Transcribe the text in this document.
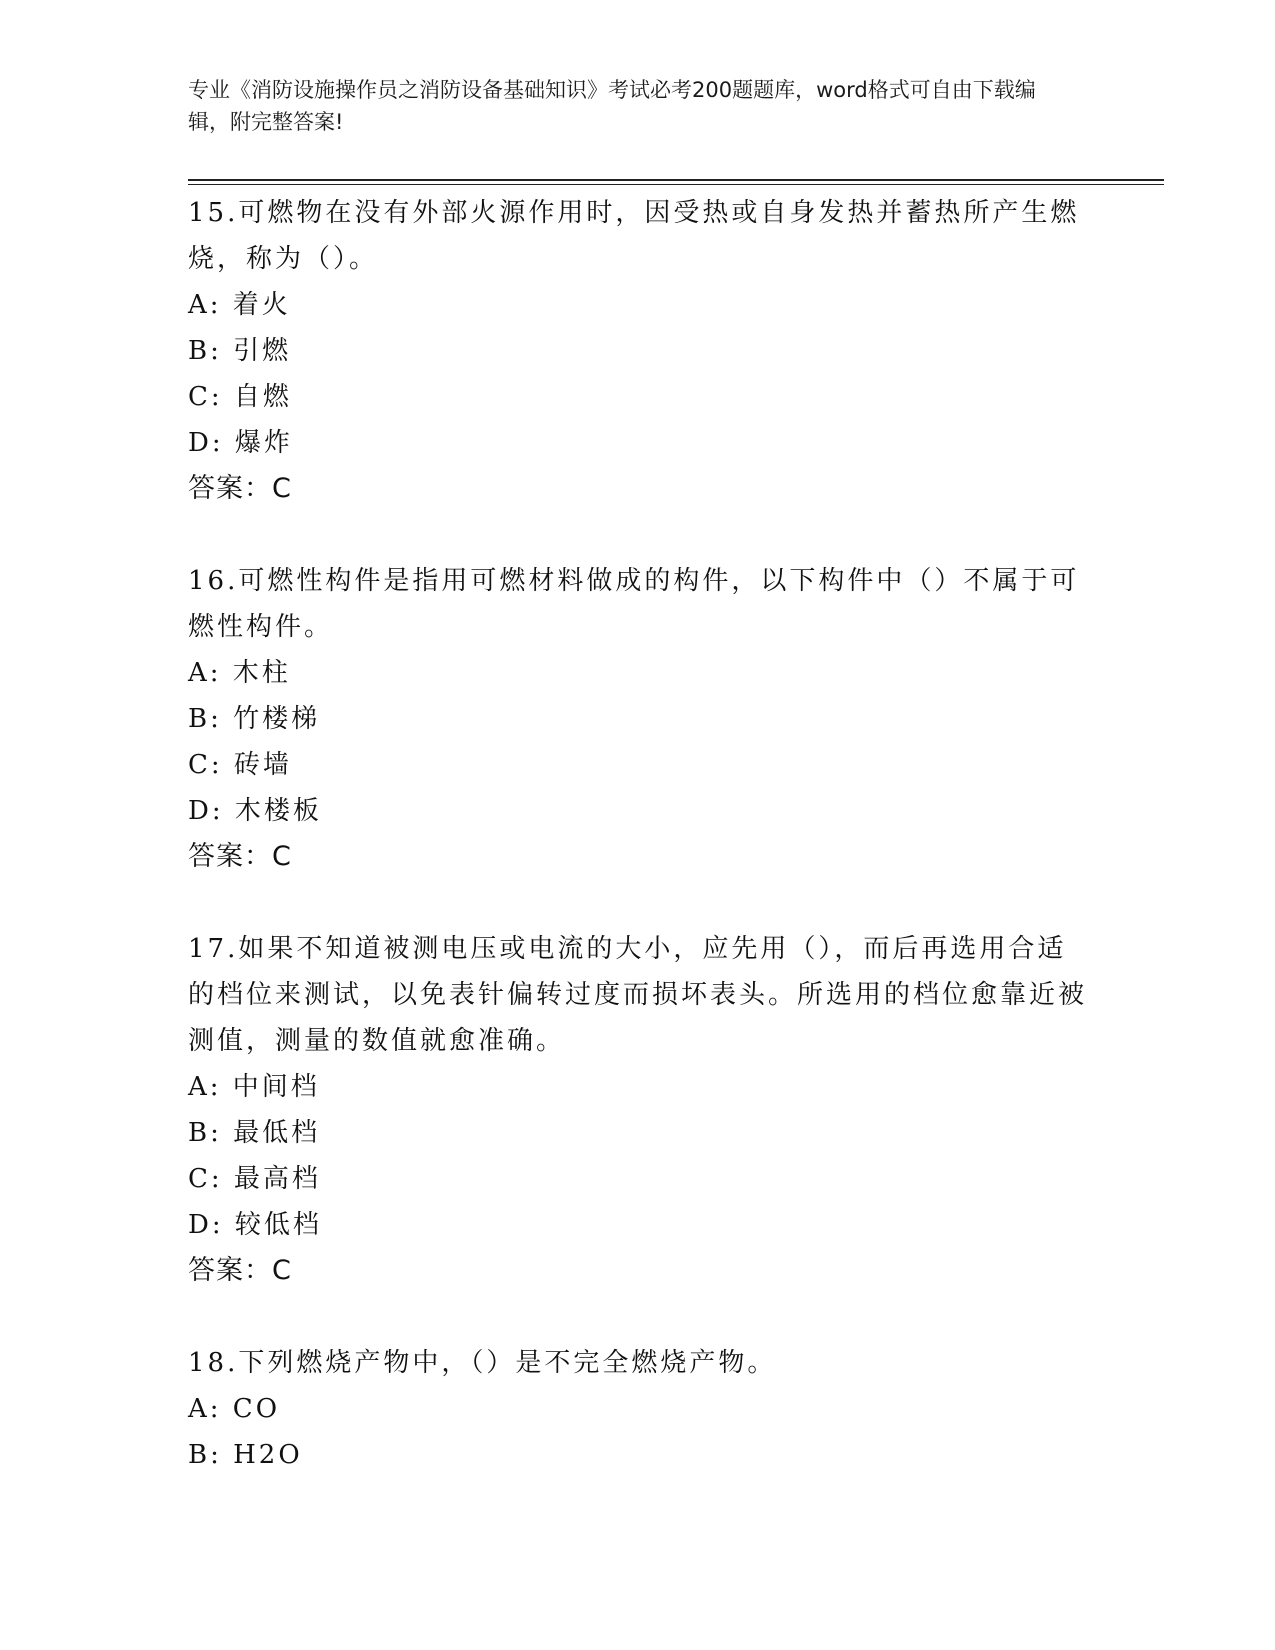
专业《消防设施操作员之消防设备基础知识》考试必考200题题库，word格式可自由下载编辑，附完整答案!

15.可燃物在没有外部火源作用时，因受热或自身发热并蓄热所产生燃烧，称为（）。

A: 着火
B: 引燃
C: 自燃
D: 爆炸
答案：C

16.可燃性构件是指用可燃材料做成的构件，以下构件中（）不属于可燃性构件。

A: 木柱
B: 竹楼梯
C: 砖墙
D: 木楼板
答案：C

17.如果不知道被测电压或电流的大小，应先用（），而后再选用合适的档位来测试，以免表针偏转过度而损坏表头。所选用的档位愈靠近被测值，测量的数值就愈准确。

A: 中间档
B: 最低档
C: 最高档
D: 较低档
答案：C

18.下列燃烧产物中，（）是不完全燃烧产物。

A: CO
B: H2O
